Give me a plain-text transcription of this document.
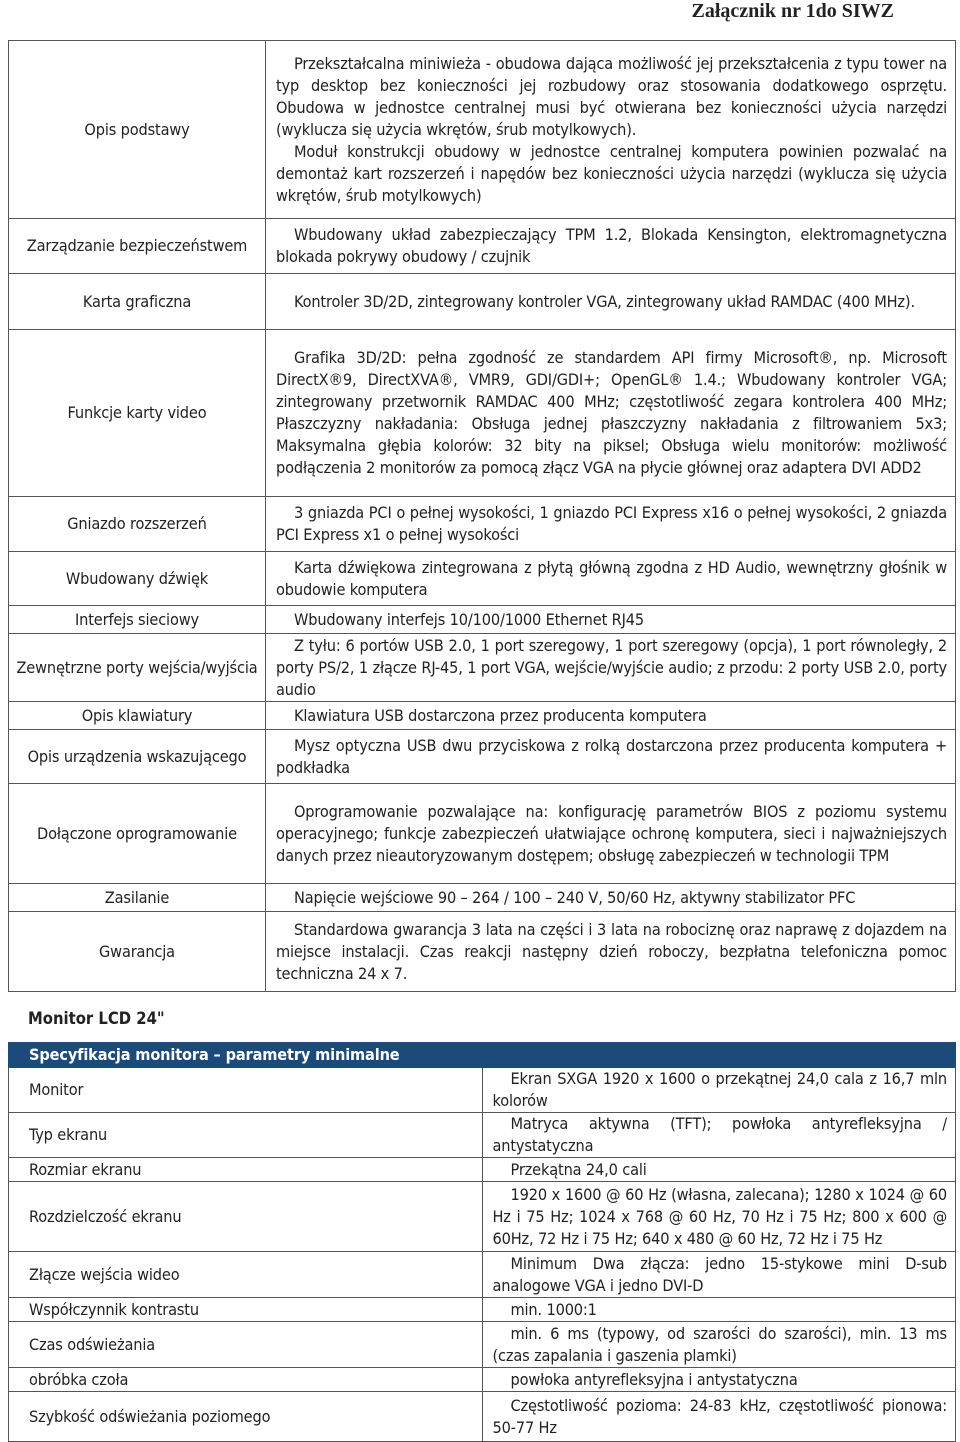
Załącznik nr 1do SIWZ
Opis podstawy	Przekształcalna miniwieża - obudowa dająca możliwość jej przekształcenia z typu tower na typ desktop bez konieczności jej rozbudowy oraz stosowania dodatkowego osprzętu. Obudowa w jednostce centralnej musi być otwierana bez konieczności użycia narzędzi (wyklucza się użycia wkrętów, śrub motylkowych).

Moduł konstrukcji obudowy w jednostce centralnej komputera powinien pozwalać na demontaż kart rozszerzeń i napędów bez konieczności użycia narzędzi (wyklucza się użycia wkrętów, śrub motylkowych)

Zarządzanie bezpieczeństwem	Wbudowany układ zabezpieczający TPM 1.2, Blokada Kensington, elektromagnetyczna blokada pokrywy obudowy / czujnik

Karta graficzna	Kontroler 3D/2D, zintegrowany kontroler VGA, zintegrowany układ RAMDAC (400 MHz).

Funkcje karty video	Grafika 3D/2D: pełna zgodność ze standardem API firmy Microsoft®, np. Microsoft DirectX®9, DirectXVA®, VMR9, GDI/GDI+; OpenGL® 1.4.; Wbudowany kontroler VGA; zintegrowany przetwornik RAMDAC 400 MHz; częstotliwość zegara kontrolera 400 MHz; Płaszczyzny nakładania: Obsługa jednej płaszczyzny nakładania z filtrowaniem 5x3; Maksymalna głębia kolorów: 32 bity na piksel; Obsługa wielu monitorów: możliwość podłączenia 2 monitorów za pomocą złącz VGA na płycie głównej oraz adaptera DVI ADD2

Gniazdo rozszerzeń	3 gniazda PCI o pełnej wysokości, 1 gniazdo PCI Express x16 o pełnej wysokości, 2 gniazda PCI Express x1 o pełnej wysokości

Wbudowany dźwięk	Karta dźwiękowa zintegrowana z płytą główną zgodna z HD Audio, wewnętrzny głośnik w obudowie komputera

Interfejs sieciowy	Wbudowany interfejs 10/100/1000 Ethernet RJ45

Zewnętrzne porty wejścia/wyjścia	Z tyłu: 6 portów USB 2.0, 1 port szeregowy, 1 port szeregowy (opcja), 1 port równoległy, 2 porty PS/2, 1 złącze RJ-45, 1 port VGA, wejście/wyjście audio; z przodu: 2 porty USB 2.0, porty audio

Opis klawiatury	Klawiatura USB dostarczona przez producenta komputera

Opis urządzenia wskazującego	Mysz optyczna USB dwu przyciskowa z rolką dostarczona przez producenta komputera + podkładka

Dołączone oprogramowanie	Oprogramowanie pozwalające na: konfigurację parametrów BIOS z poziomu systemu operacyjnego; funkcje zabezpieczeń ułatwiające ochronę komputera, sieci i najważniejszych danych przez nieautoryzowanym dostępem; obsługę zabezpieczeń w technologii TPM

Zasilanie	Napięcie wejściowe 90 – 264 / 100 – 240 V, 50/60 Hz, aktywny stabilizator PFC

Gwarancja	Standardowa gwarancja 3 lata na części i 3 lata na robociznę oraz naprawę z dojazdem na miejsce instalacji. Czas reakcji następny dzień roboczy, bezpłatna telefoniczna pomoc techniczna 24 x 7.

Monitor LCD 24"
Specyfikacja monitora – parametry minimalne	
Monitor	Ekran SXGA 1920 x 1600 o przekątnej 24,0 cala z 16,7 mln kolorów

Typ ekranu	Matryca aktywna (TFT); powłoka antyrefleksyjna / antystatyczna

Rozmiar ekranu	Przekątna 24,0 cali

Rozdzielczość ekranu	1920 x 1600 @ 60 Hz (własna, zalecana); 1280 x 1024 @ 60 Hz i 75 Hz; 1024 x 768 @ 60 Hz, 70 Hz i 75 Hz; 800 x 600 @ 60Hz, 72 Hz i 75 Hz; 640 x 480 @ 60 Hz, 72 Hz i 75 Hz

Złącze wejścia wideo	Minimum Dwa złącza: jedno 15-stykowe mini D-sub analogowe VGA i jedno DVI-D

Współczynnik kontrastu	min. 1000:1

Czas odświeżania	min. 6 ms (typowy, od szarości do szarości), min. 13 ms (czas zapalania i gaszenia plamki)

obróbka czoła	powłoka antyrefleksyjna i antystatyczna

Szybkość odświeżania poziomego	Częstotliwość pozioma: 24-83 kHz, częstotliwość pionowa: 50-77 Hz
